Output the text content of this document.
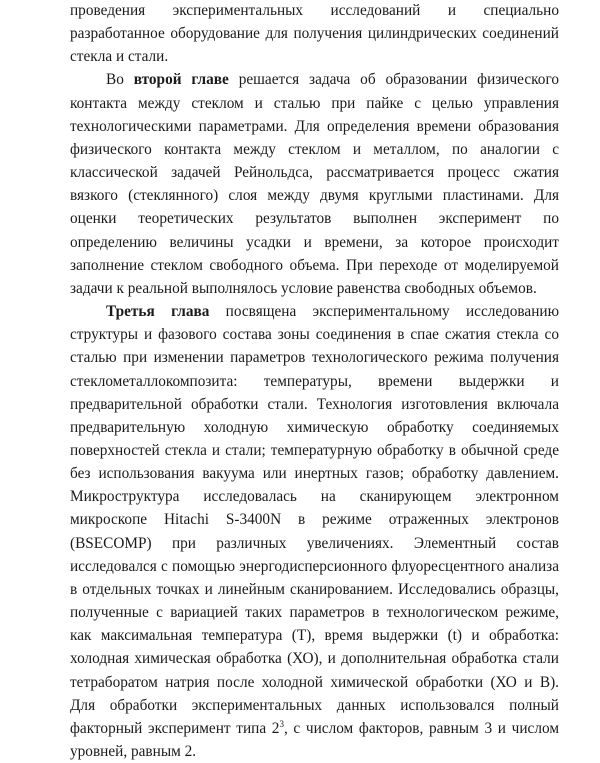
проведения экспериментальных исследований и специально разработанное оборудование для получения цилиндрических соединений стекла и стали.

Во второй главе решается задача об образовании физического контакта между стеклом и сталью при пайке с целью управления технологическими параметрами. Для определения времени образования физического контакта между стеклом и металлом, по аналогии с классической задачей Рейнольдса, рассматривается процесс сжатия вязкого (стеклянного) слоя между двумя круглыми пластинами. Для оценки теоретических результатов выполнен эксперимент по определению величины усадки и времени, за которое происходит заполнение стеклом свободного объема. При переходе от моделируемой задачи к реальной выполнялось условие равенства свободных объемов.

Третья глава посвящена экспериментальному исследованию структуры и фазового состава зоны соединения в спае сжатия стекла со сталью при изменении параметров технологического режима получения стеклометаллокомпозита: температуры, времени выдержки и предварительной обработки стали. Технология изготовления включала предварительную холодную химическую обработку соединяемых поверхностей стекла и стали; температурную обработку в обычной среде без использования вакуума или инертных газов; обработку давлением. Микроструктура исследовалась на сканирующем электронном микроскопе Hitachi S-3400N в режиме отраженных электронов (BSECOMP) при различных увеличениях. Элементный состав исследовался с помощью энергодисперсионного флуоресцентного анализа в отдельных точках и линейным сканированием. Исследовались образцы, полученные с вариацией таких параметров в технологическом режиме, как максимальная температура (T), время выдержки (t) и обработка: холодная химическая обработка (ХО), и дополнительная обработка стали тетраборатом натрия после холодной химической обработки (ХО и В). Для обработки экспериментальных данных использовался полный факторный эксперимент типа $2^3$, с числом факторов, равным 3 и числом уровней, равным 2.
